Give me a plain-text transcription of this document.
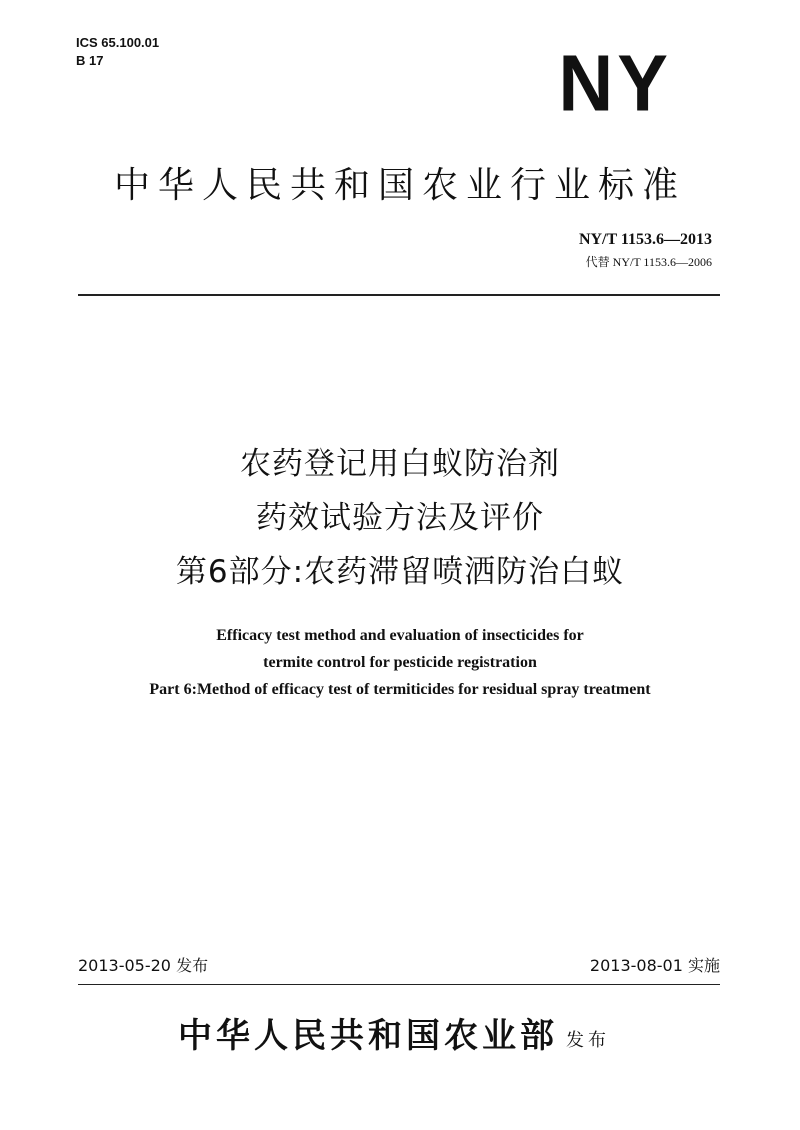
ICS 65.100.01
B 17	NY
中华人民共和国农业行业标准
NY/T 1153.6—2013
代替 NY/T 1153.6—2006
农药登记用白蚁防治剂
药效试验方法及评价
第6部分:农药滞留喷洒防治白蚁
Efficacy test method and evaluation of insecticides for
termite control for pesticide registration
Part 6:Method of efficacy test of termiticides for residual spray treatment
2013-05-20 发布	2013-08-01 实施
中华人民共和国农业部 发布
